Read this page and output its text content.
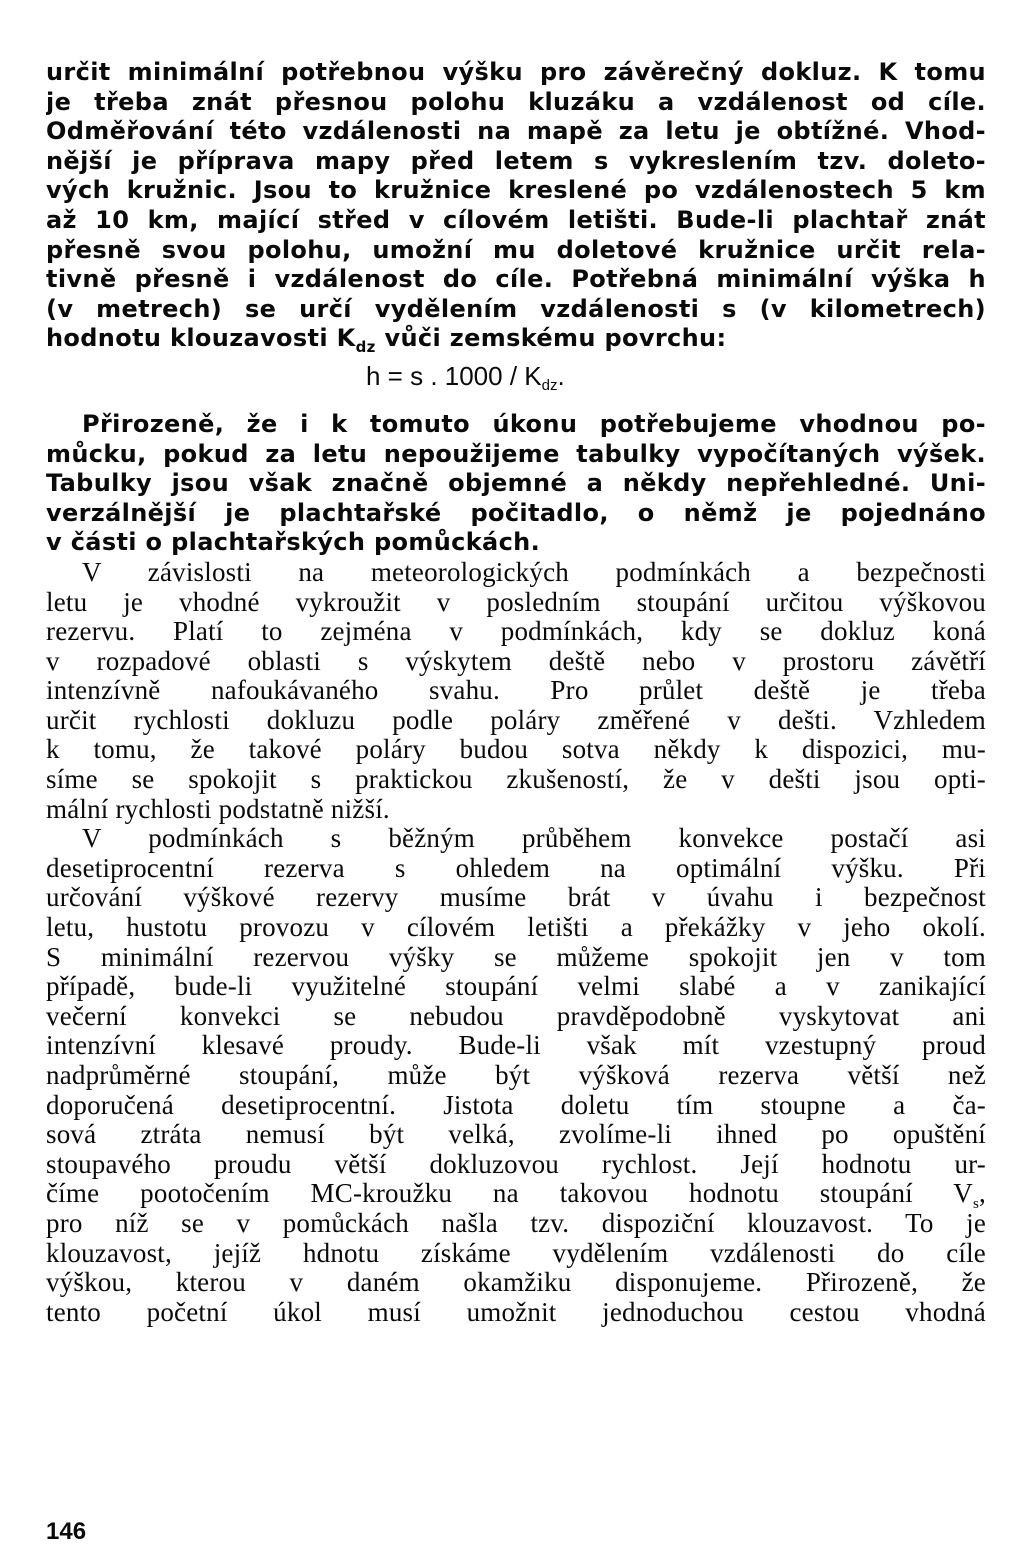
určit minimální potřebnou výšku pro závěrečný dokluz. K tomu
je třeba znát přesnou polohu kluzáku a vzdálenost od cíle.
Odměřování této vzdálenosti na mapě za letu je obtížné. Vhod-
nější je příprava mapy před letem s vykreslením tzv. doleto-
vých kružnic. Jsou to kružnice kreslené po vzdálenostech 5 km
až 10 km, mající střed v cílovém letišti. Bude-li plachtař znát
přesně svou polohu, umožní mu doletové kružnice určit rela-
tivně přesně i vzdálenost do cíle. Potřebná minimální výška h
(v metrech) se určí vydělením vzdálenosti s (v kilometrech)
hodnotu klouzavosti $K_{dz}$ vůči zemskému povrchu:
h = s . $1000 / K_{dz}$.
Přirozeně, že i k tomuto úkonu potřebujeme vhodnou po-
můcku, pokud za letu nepoužijeme tabulky vypočítaných výšek.
Tabulky jsou však značně objemné a někdy nepřehledné. Uni-
verzálnější je plachtařské počitadlo, o němž je pojednáno
v části o plachtařských pomůckách.
V závislosti na meteorologických podmínkách a bezpečnosti
letu je vhodné vykroužit v posledním stoupání určitou výškovou
rezervu. Platí to zejména v podmínkách, kdy se dokluz koná
v rozpadové oblasti s výskytem deště nebo v prostoru závětří
intenzívně nafoukávaného svahu. Pro průlet deště je třeba
určit rychlosti dokluzu podle poláry změřené v dešti. Vzhledem
k tomu, že takové poláry budou sotva někdy k dispozici, mu-
síme se spokojit s praktickou zkušeností, že v dešti jsou opti-
mální rychlosti podstatně nižší.
V podmínkách s běžným průběhem konvekce postačí asi
desetiprocentní rezerva s ohledem na optimální výšku. Při
určování výškové rezervy musíme brát v úvahu i bezpečnost
letu, hustotu provozu v cílovém letišti a překážky v jeho okolí.
S minimální rezervou výšky se můžeme spokojit jen v tom
případě, bude-li využitelné stoupání velmi slabé a v zanikající
večerní konvekci se nebudou pravděpodobně vyskytovat ani
intenzívní klesavé proudy. Bude-li však mít vzestupný proud
nadprůměrné stoupání, může být výšková rezerva větší než
doporučená desetiprocentní. Jistota doletu tím stoupne a ča-
sová ztráta nemusí být velká, zvolíme-li ihned po opuštění
stoupavého proudu větší dokluzovou rychlost. Její hodnotu ur-
číme pootočením MC-kroužku na takovou hodnotu stoupání $V_s$,
pro níž se v pomůckách našla tzv. dispoziční klouzavost. To je
klouzavost, jejíž hdnotu získáme vydělením vzdálenosti do cíle
výškou, kterou v daném okamžiku disponujeme. Přirozeně, že
tento početní úkol musí umožnit jednoduchou cestou vhodná
146
